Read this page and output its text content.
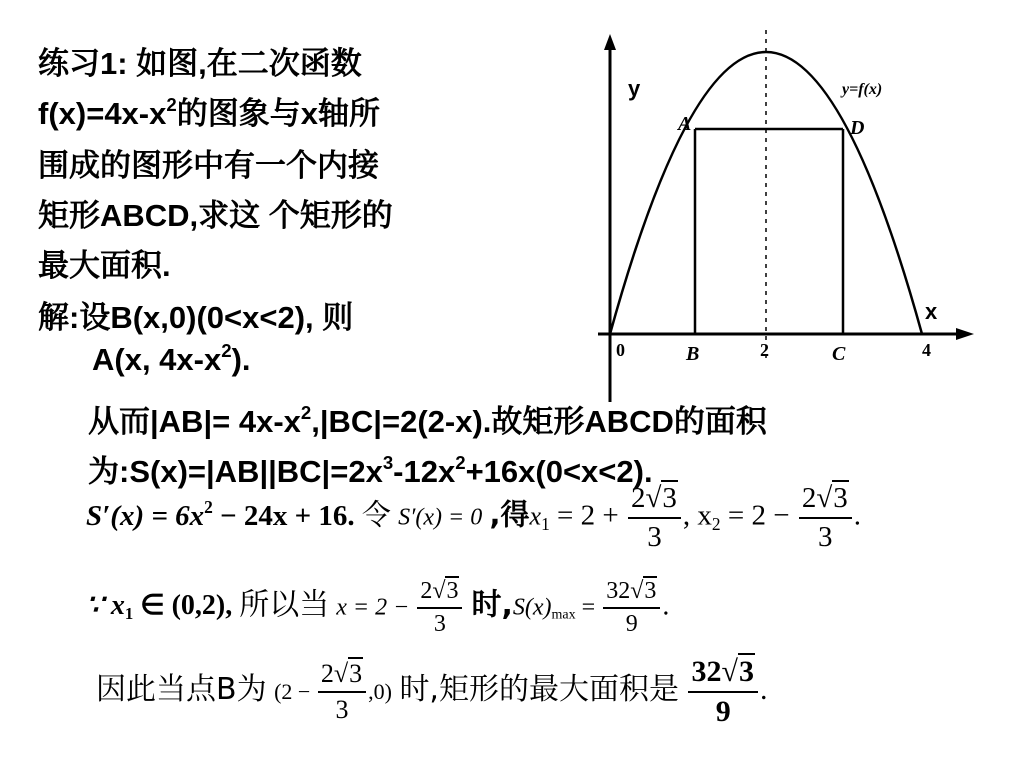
练习1: 如图,在二次函数
$f(x)=4x-x^2$的图象与x轴所
围成的图形中有一个内接
矩形ABCD,求这 个矩形的
最大面积.
解:设B(x,0)(0<x<2), 则
A(x, $4x-x^2$).
从而$|AB|= 4x-x^2,|BC|=2(2-x)$.故矩形ABCD的面积
为$:S(x)=|AB||BC|=2x^3-12x^2+16x(0<x<2)$.
$S'(x) = 6x^2 - 24x + 16$. 令 S′(x) = 0 ,得$x_1 = 2 + \frac{2√3}{3}$ , $x_2 = 2 - \frac{2√3}{3}$ .
∵ $x_1$ ∈ (0,2), 所以当 $x = 2 - \frac{2√3}{3}$ 时$,S(x)_{max} = \frac{32√3}{9}$ .
因此当点B为 $(2 - \frac{2√3}{3} ,0)$ 时,矩形的最大面积是 $\frac{32√3}{9}$ .
y
x
y=f(x)
A	D
B	C
0	2	4
